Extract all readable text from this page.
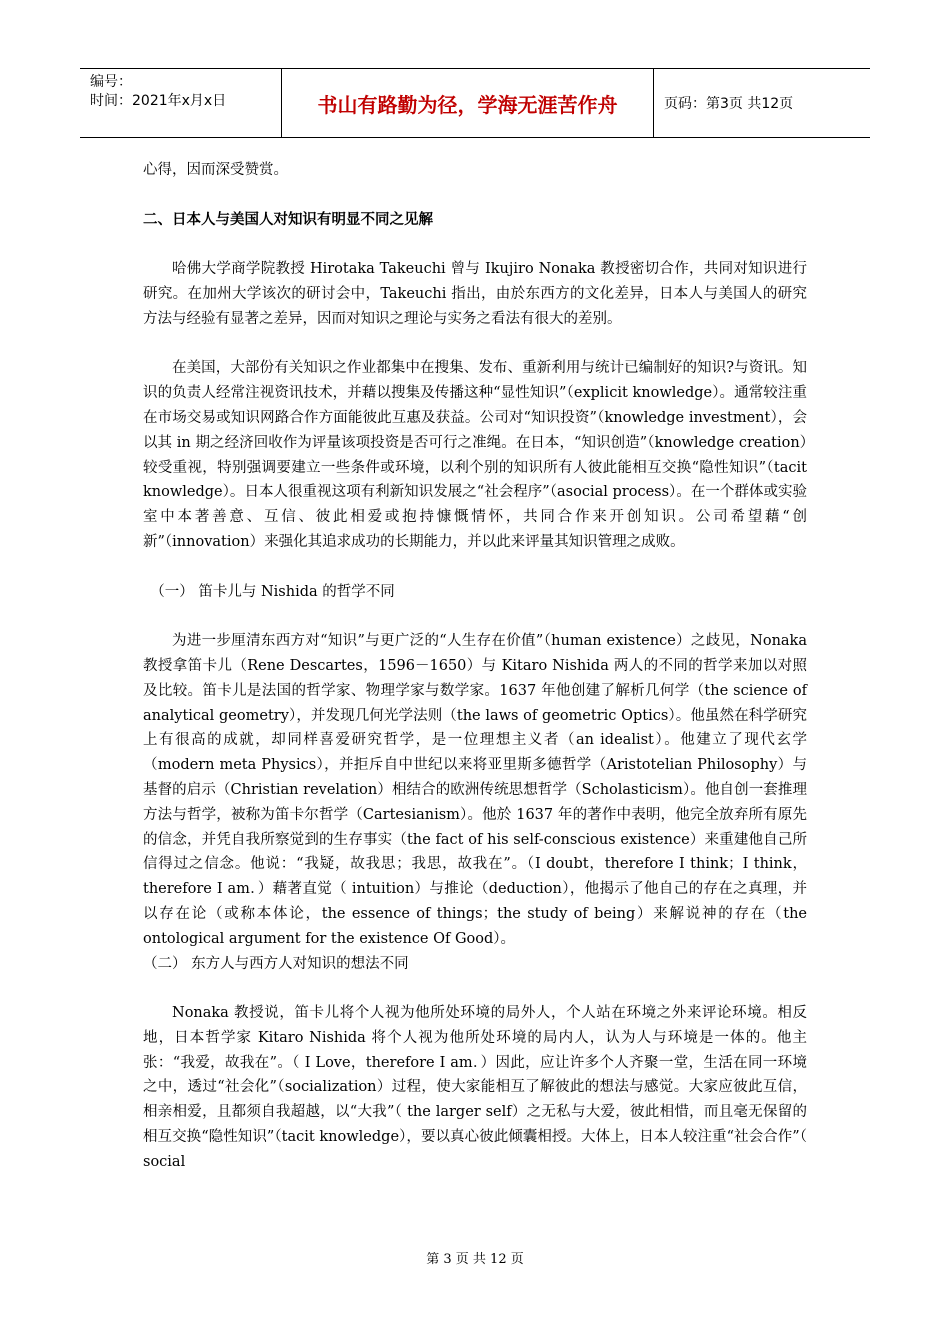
编号：
时间：2021年x月x日	书山有路勤为径，学海无涯苦作舟	页码：第3页 共12页

心得，因而深受赞赏。

二、日本人与美国人对知识有明显不同之见解

哈佛大学商学院教授 Hirotaka Takeuchi 曾与 Ikujiro Nonaka 教授密切合作，共同对知识进行研究。在加州大学该次的研讨会中，Takeuchi 指出，由於东西方的文化差异，日本人与美国人的研究方法与经验有显著之差异，因而对知识之理论与实务之看法有很大的差别。

在美国，大部份有关知识之作业都集中在搜集、发布、重新利用与统计已编制好的知识?与资讯。知识的负责人经常注视资讯技术，并藉以搜集及传播这种“显性知识”（explicit knowledge）。通常较注重在市场交易或知识网路合作方面能彼此互惠及获益。公司对“知识投资”（knowledge investment），会以其 in 期之经济回收作为评量该项投资是否可行之准绳。在日本，“知识创造”（knowledge creation）较受重视，特别强调要建立一些条件或环境，以利个别的知识所有人彼此能相互交换“隐性知识”（tacit knowledge）。日本人很重视这项有利新知识发展之“社会程序”（asocial process）。在一个群体或实验室中本著善意、互信、彼此相爱或抱持慷慨情怀，共同合作来开创知识。公司希望藉“创新”（innovation）来强化其追求成功的长期能力，并以此来评量其知识管理之成败。

（一） 笛卡儿与 Nishida 的哲学不同

为进一步厘清东西方对“知识”与更广泛的“人生存在价值”（human existence）之歧见，Nonaka 教授拿笛卡儿（Rene Descartes，1596－1650）与 Kitaro Nishida 两人的不同的哲学来加以对照及比较。笛卡儿是法国的哲学家、物理学家与数学家。1637 年他创建了解析几何学（the science of analytical geometry），并发现几何光学法则（the laws of geometric Optics）。他虽然在科学研究上有很高的成就，却同样喜爱研究哲学，是一位理想主义者（an idealist）。他建立了现代玄学（modern meta Physics），并拒斥自中世纪以来将亚里斯多德哲学（Aristotelian Philosophy）与基督的启示（Christian revelation）相结合的欧洲传统思想哲学（Scholasticism）。他自创一套推理方法与哲学，被称为笛卡尔哲学（Cartesianism）。他於 1637 年的著作中表明，他完全放弃所有原先的信念，并凭自我所察觉到的生存事实（the fact of his self-conscious existence）来重建他自己所信得过之信念。他说：“我疑，故我思；我思，故我在”。（I doubt，therefore I think；I think，therefore I am．）藉著直觉（ intuition）与推论（deduction），他揭示了他自己的存在之真理，并以存在论（或称本体论，the essence of things；the study of being）来解说神的存在（the ontological argument for the existence Of Good）。

（二） 东方人与西方人对知识的想法不同

Nonaka 教授说，笛卡儿将个人视为他所处环境的局外人，个人站在环境之外来评论环境。相反地，日本哲学家 Kitaro Nishida 将个人视为他所处环境的局内人，认为人与环境是一体的。他主张：“我爱，故我在”。（ I Love，therefore I am．）因此，应让许多个人齐聚一堂，生活在同一环境之中，透过“社会化”（socialization）过程，使大家能相互了解彼此的想法与感觉。大家应彼此互信，相亲相爱，且都须自我超越，以“大我”（ the larger self）之无私与大爱，彼此相惜，而且毫无保留的相互交换“隐性知识”（tacit knowledge），要以真心彼此倾囊相授。大体上，日本人较注重“社会合作”（ social

第 3 页 共 12 页
